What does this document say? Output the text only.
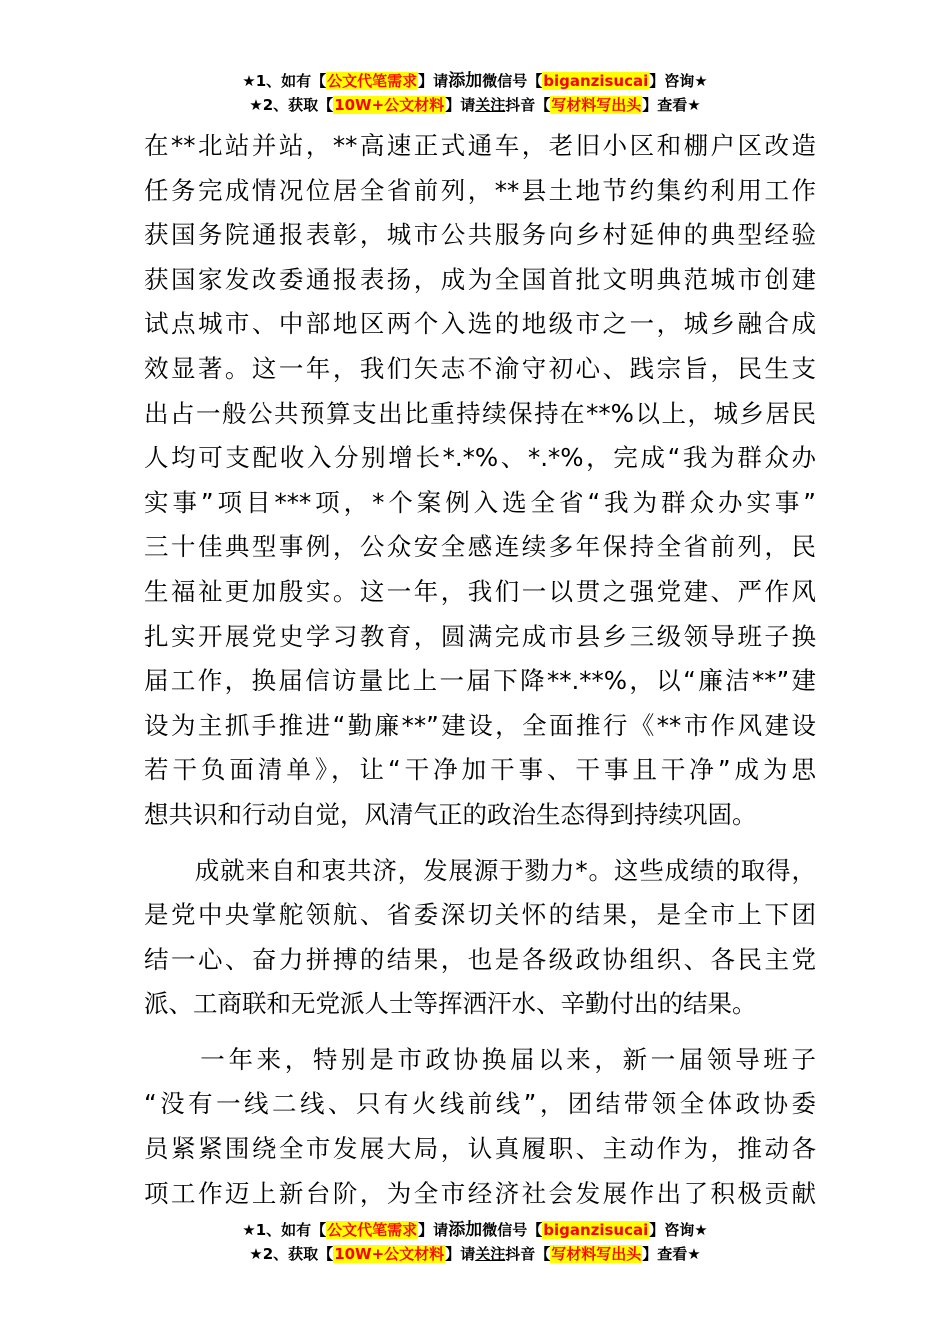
★1、如有【公文代笔需求】请添加微信号【biganzisucai】咨询★
★2、获取【10W+公文材料】请关注抖音【写材料写出头】查看★
在**北站并站，**高速正式通车，老旧小区和棚户区改造
任务完成情况位居全省前列，**县土地节约集约利用工作
获国务院通报表彰，城市公共服务向乡村延伸的典型经验
获国家发改委通报表扬，成为全国首批文明典范城市创建
试点城市、中部地区两个入选的地级市之一，城乡融合成
效显著。这一年，我们矢志不渝守初心、践宗旨，民生支
出占一般公共预算支出比重持续保持在**%以上，城乡居民
人均可支配收入分别增长*.*%、*.*%，完成“我为群众办
实事”项目***项，*个案例入选全省“我为群众办实事”
三十佳典型事例，公众安全感连续多年保持全省前列，民
生福祉更加殷实。这一年，我们一以贯之强党建、严作风
扎实开展党史学习教育，圆满完成市县乡三级领导班子换
届工作，换届信访量比上一届下降**.**%，以“廉洁**”建
设为主抓手推进“勤廉**”建设，全面推行《**市作风建设
若干负面清单》，让“干净加干事、干事且干净”成为思
想共识和行动自觉，风清气正的政治生态得到持续巩固。
　　成就来自和衷共济，发展源于勠力*。这些成绩的取得，
是党中央掌舵领航、省委深切关怀的结果，是全市上下团
结一心、奋力拼搏的结果，也是各级政协组织、各民主党
派、工商联和无党派人士等挥洒汗水、辛勤付出的结果。
　　一年来，特别是市政协换届以来，新一届领导班子
“没有一线二线、只有火线前线”，团结带领全体政协委
员紧紧围绕全市发展大局，认真履职、主动作为，推动各
项工作迈上新台阶，为全市经济社会发展作出了积极贡献
★1、如有【公文代笔需求】请添加微信号【biganzisucai】咨询★
★2、获取【10W+公文材料】请关注抖音【写材料写出头】查看★
